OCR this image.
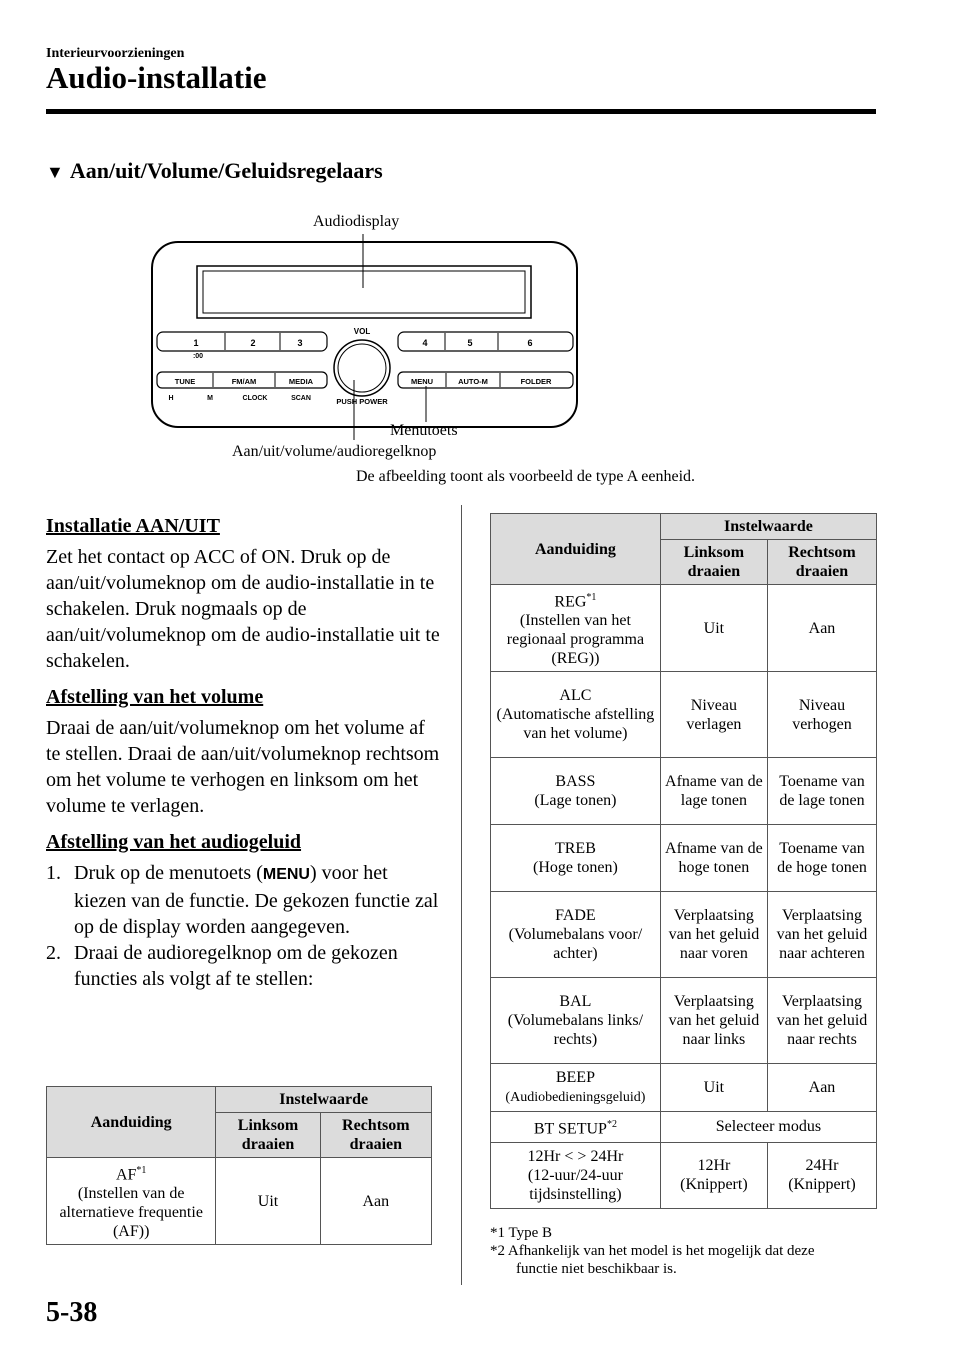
Interieurvoorzieningen
Audio-installatie
▼ Aan/uit/Volume/Geluidsregelaars
Audiodisplay
1	2	3
:00
4	5	6
VOL
TUNE	FM/AM	MEDIA	MENU	AUTO-M	FOLDER
H	M	CLOCK	SCAN	PUSH POWER
Menutoets
Aan/uit/volume/audioregelknop
De afbeelding toont als voorbeeld de type A eenheid.
Installatie AAN/UIT
Zet het contact op ACC of ON. Druk op de aan/uit/volumeknop om de audio-installatie in te schakelen. Druk nogmaals op de aan/uit/volumeknop om de audio-installatie uit te schakelen.
Afstelling van het volume
Draai de aan/uit/volumeknop om het volume af te stellen. Draai de aan/uit/volumeknop rechtsom om het volume te verhogen en linksom om het volume te verlagen.
Afstelling van het audiogeluid
1. Druk op de menutoets (MENU) voor het kiezen van de functie. De gekozen functie zal op de display worden aangegeven.
2. Draai de audioregelknop om de gekozen functies als volgt af te stellen:
Aanduiding	Instelwaarde	
	Linksom draaien	Rechtsom draaien
AF$^{*1}$
(Instellen van de alternatieve frequentie (AF))	Uit	Aan
Aanduiding	Instelwaarde	
	Linksom draaien	Rechtsom draaien
REG$^{*1}$
(Instellen van het regionaal programma (REG))	Uit	Aan
ALC
(Automatische afstelling van het volume)	Niveau verlagen	Niveau verhogen
BASS
(Lage tonen)	Afname van de lage tonen	Toename van de lage tonen
TREB
(Hoge tonen)	Afname van de hoge tonen	Toename van de hoge tonen
FADE
(Volumebalans voor/ achter)	Verplaatsing van het geluid naar voren	Verplaatsing van het geluid naar achteren
BAL
(Volumebalans links/ rechts)	Verplaatsing van het geluid naar links	Verplaatsing van het geluid naar rechts
BEEP
(Audiobedieningsgeluid)	Uit	Aan
BT SETUP$^{*2}$	Selecteer modus	
12Hr < > 24Hr
(12-uur/24-uur tijdsinstelling)	12Hr (Knippert)	24Hr (Knippert)
*1 Type B
*2 Afhankelijk van het model is het mogelijk dat deze
functie niet beschikbaar is.
5-38
